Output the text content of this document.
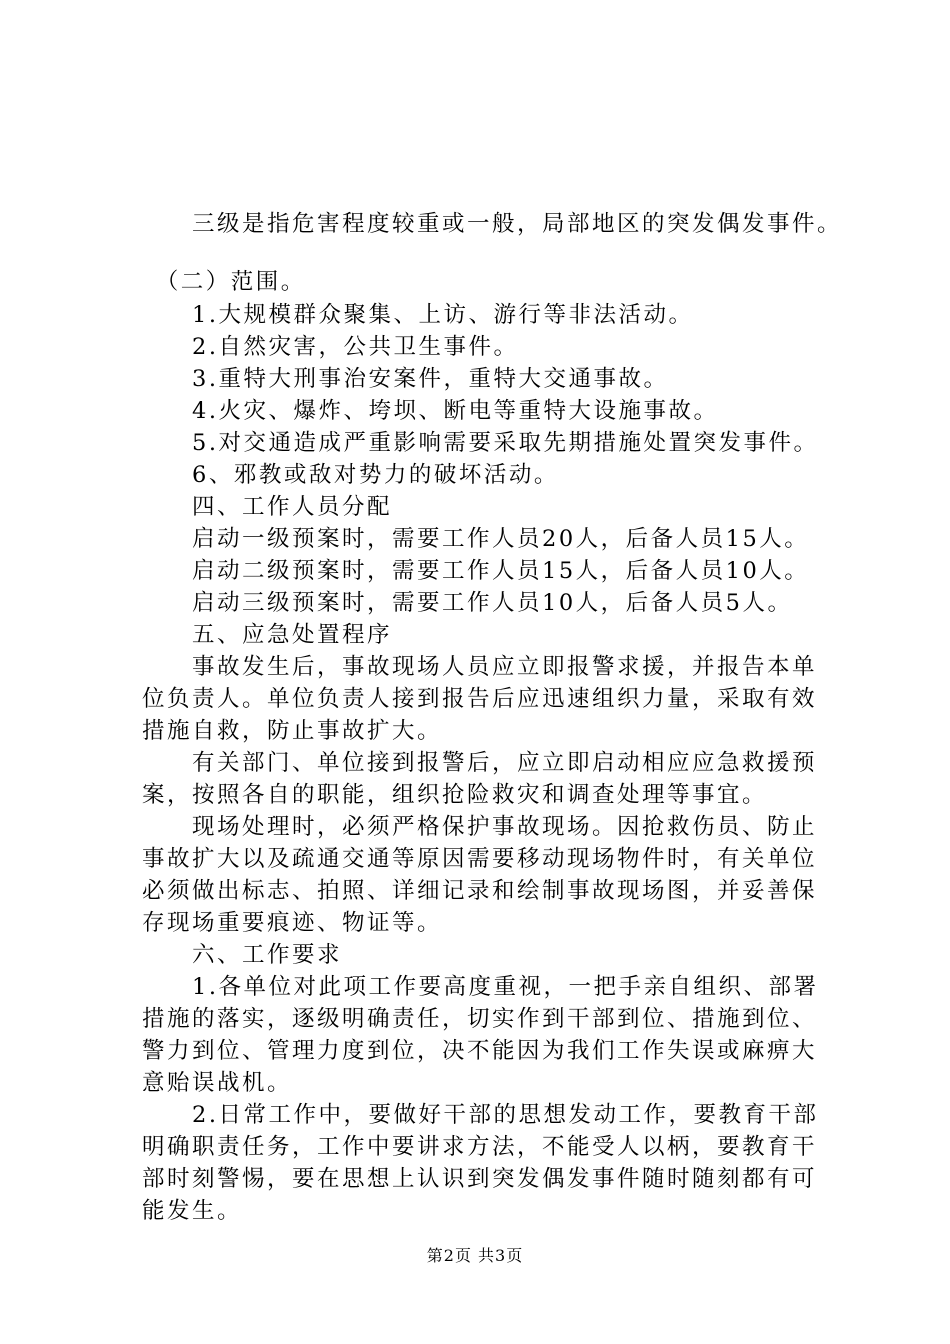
　　三级是指危害程度较重或一般，局部地区的突发偶发事件。
　（二）范围。
　　1.大规模群众聚集、上访、游行等非法活动。
　　2.自然灾害，公共卫生事件。
　　3.重特大刑事治安案件，重特大交通事故。
　　4.火灾、爆炸、垮坝、断电等重特大设施事故。
　　5.对交通造成严重影响需要采取先期措施处置突发事件。
　　6、邪教或敌对势力的破坏活动。
　　四、工作人员分配
　　启动一级预案时，需要工作人员20人，后备人员15人。
　　启动二级预案时，需要工作人员15人，后备人员10人。
　　启动三级预案时，需要工作人员10人，后备人员5人。
　　五、应急处置程序
　　事故发生后，事故现场人员应立即报警求援，并报告本单
位负责人。单位负责人接到报告后应迅速组织力量，采取有效
措施自救，防止事故扩大。
　　有关部门、单位接到报警后，应立即启动相应应急救援预
案，按照各自的职能，组织抢险救灾和调查处理等事宜。
　　现场处理时，必须严格保护事故现场。因抢救伤员、防止
事故扩大以及疏通交通等原因需要移动现场物件时，有关单位
必须做出标志、拍照、详细记录和绘制事故现场图，并妥善保
存现场重要痕迹、物证等。
　　六、工作要求
　　1.各单位对此项工作要高度重视，一把手亲自组织、部署
措施的落实，逐级明确责任，切实作到干部到位、措施到位、
警力到位、管理力度到位，决不能因为我们工作失误或麻痹大
意贻误战机。
　　2.日常工作中，要做好干部的思想发动工作，要教育干部
明确职责任务，工作中要讲求方法，不能受人以柄，要教育干
部时刻警惕，要在思想上认识到突发偶发事件随时随刻都有可
能发生。
第2页 共3页
